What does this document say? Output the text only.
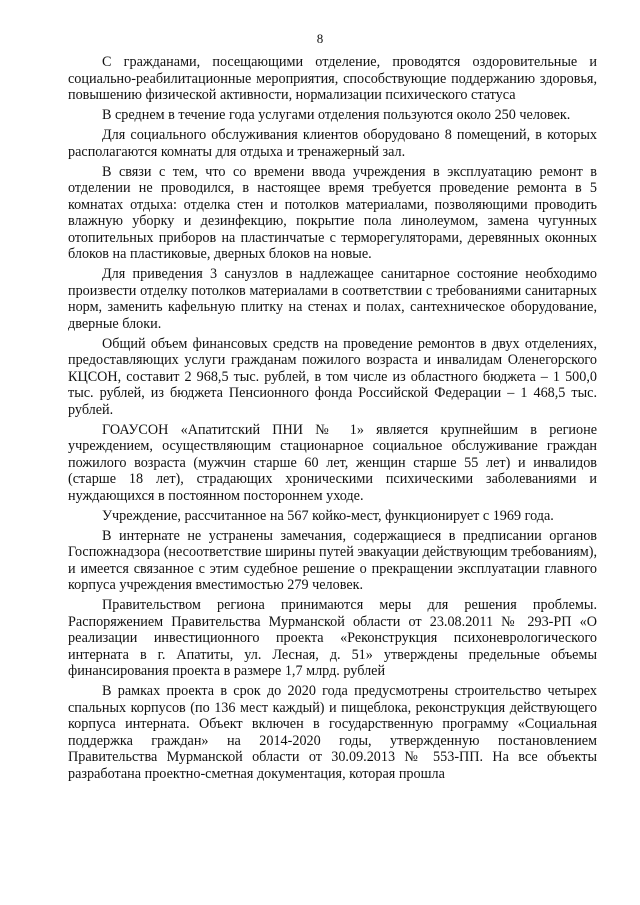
8

С гражданами, посещающими отделение, проводятся оздоровительные и социально-реабилитационные мероприятия, способствующие поддержанию здоровья, повышению физической активности, нормализации психического статуса

В среднем в течение года услугами отделения пользуются около 250 человек.

Для социального обслуживания клиентов оборудовано 8 помещений, в которых располагаются комнаты для отдыха и тренажерный зал.

В связи с тем, что со времени ввода учреждения в эксплуатацию ремонт в отделении не проводился, в настоящее время требуется проведение ремонта в 5 комнатах отдыха: отделка стен и потолков материалами, позволяющими проводить влажную уборку и дезинфекцию, покрытие пола линолеумом, замена чугунных отопительных приборов на пластинчатые с терморегуляторами, деревянных оконных блоков на пластиковые, дверных блоков на новые.

Для приведения 3 санузлов в надлежащее санитарное состояние необходимо произвести отделку потолков материалами в соответствии с требованиями санитарных норм, заменить кафельную плитку на стенах и полах, сантехническое оборудование, дверные блоки.

Общий объем финансовых средств на проведение ремонтов в двух отделениях, предоставляющих услуги гражданам пожилого возраста и инвалидам Оленегорского КЦСОН, составит 2 968,5 тыс. рублей, в том числе из областного бюджета – 1 500,0 тыс. рублей, из бюджета Пенсионного фонда Российской Федерации – 1 468,5 тыс. рублей.

ГОАУСОН «Апатитский ПНИ № 1» является крупнейшим в регионе учреждением, осуществляющим стационарное социальное обслуживание граждан пожилого возраста (мужчин старше 60 лет, женщин старше 55 лет) и инвалидов (старше 18 лет), страдающих хроническими психическими заболеваниями и нуждающихся в постоянном постороннем уходе.

Учреждение, рассчитанное на 567 койко-мест, функционирует с 1969 года.

В интернате не устранены замечания, содержащиеся в предписании органов Госпожнадзора (несоответствие ширины путей эвакуации действующим требованиям), и имеется связанное с этим судебное решение о прекращении эксплуатации главного корпуса учреждения вместимостью 279 человек.

Правительством региона принимаются меры для решения проблемы. Распоряжением Правительства Мурманской области от 23.08.2011 № 293-РП «О реализации инвестиционного проекта «Реконструкция психоневрологического интерната в г. Апатиты, ул. Лесная, д. 51» утверждены предельные объемы финансирования проекта в размере 1,7 млрд. рублей

В рамках проекта в срок до 2020 года предусмотрены строительство четырех спальных корпусов (по 136 мест каждый) и пищеблока, реконструкция действующего корпуса интерната. Объект включен в государственную программу «Социальная поддержка граждан» на 2014-2020 годы, утвержденную постановлением Правительства Мурманской области от 30.09.2013 № 553-ПП. На все объекты разработана проектно-сметная документация, которая прошла
